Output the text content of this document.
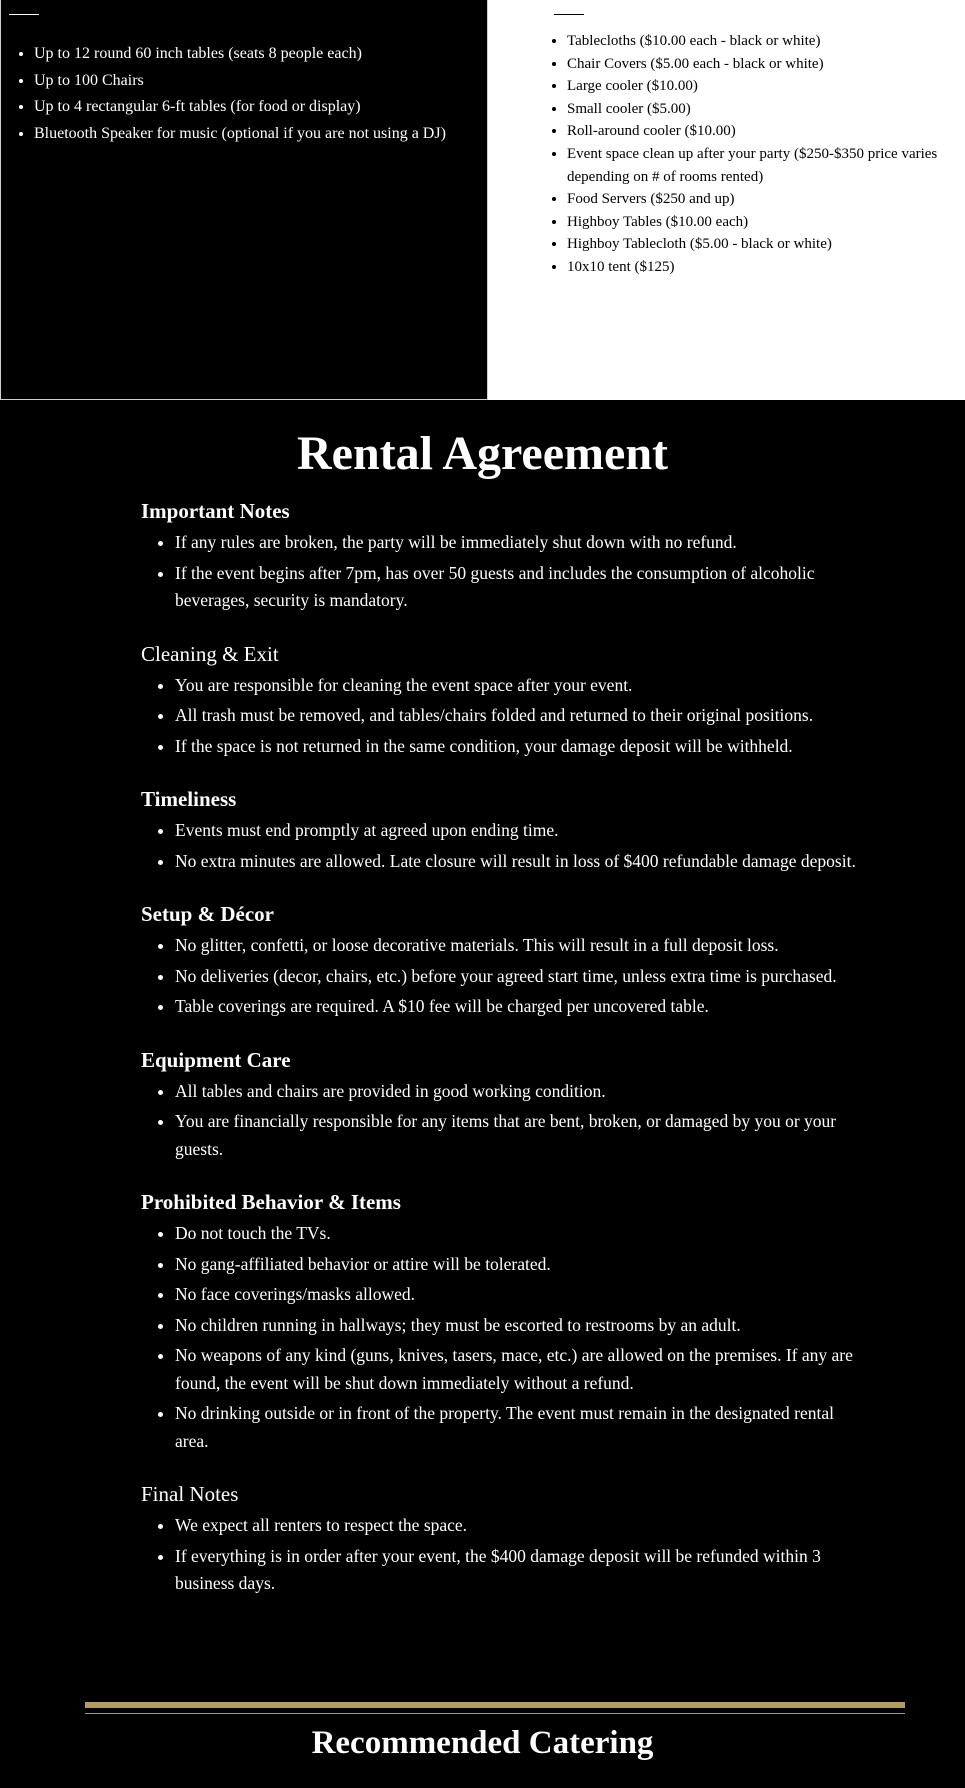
• Up to 12 round 60 inch tables (seats 8 people each)
• Up to 100 Chairs
• Up to 4 rectangular 6-ft tables (for food or display)
• Bluetooth Speaker for music (optional if you are not using a DJ)
• Tablecloths ($10.00 each - black or white)
• Chair Covers ($5.00 each - black or white)
• Large cooler ($10.00)
• Small cooler ($5.00)
• Roll-around cooler ($10.00)
• Event space clean up after your party ($250-$350 price varies depending on # of rooms rented)
• Food Servers ($250 and up)
• Highboy Tables ($10.00 each)
• Highboy Tablecloth ($5.00 - black or white)
• 10x10 tent ($125)
Rental Agreement
Important Notes
• If any rules are broken, the party will be immediately shut down with no refund.
• If the event begins after 7pm, has over 50 guests and includes the consumption of alcoholic beverages, security is mandatory.
Cleaning & Exit
• You are responsible for cleaning the event space after your event.
• All trash must be removed, and tables/chairs folded and returned to their original positions.
• If the space is not returned in the same condition, your damage deposit will be withheld.
Timeliness
• Events must end promptly at agreed upon ending time.
• No extra minutes are allowed. Late closure will result in loss of $400 refundable damage deposit.
Setup & Décor
• No glitter, confetti, or loose decorative materials. This will result in a full deposit loss.
• No deliveries (decor, chairs, etc.) before your agreed start time, unless extra time is purchased.
• Table coverings are required. A $10 fee will be charged per uncovered table.
Equipment Care
• All tables and chairs are provided in good working condition.
• You are financially responsible for any items that are bent, broken, or damaged by you or your guests.
Prohibited Behavior & Items
• Do not touch the TVs.
• No gang-affiliated behavior or attire will be tolerated.
• No face coverings/masks allowed.
• No children running in hallways; they must be escorted to restrooms by an adult.
• No weapons of any kind (guns, knives, tasers, mace, etc.) are allowed on the premises. If any are found, the event will be shut down immediately without a refund.
• No drinking outside or in front of the property. The event must remain in the designated rental area.
Final Notes
• We expect all renters to respect the space.
• If everything is in order after your event, the $400 damage deposit will be refunded within 3 business days.
Recommended Catering
